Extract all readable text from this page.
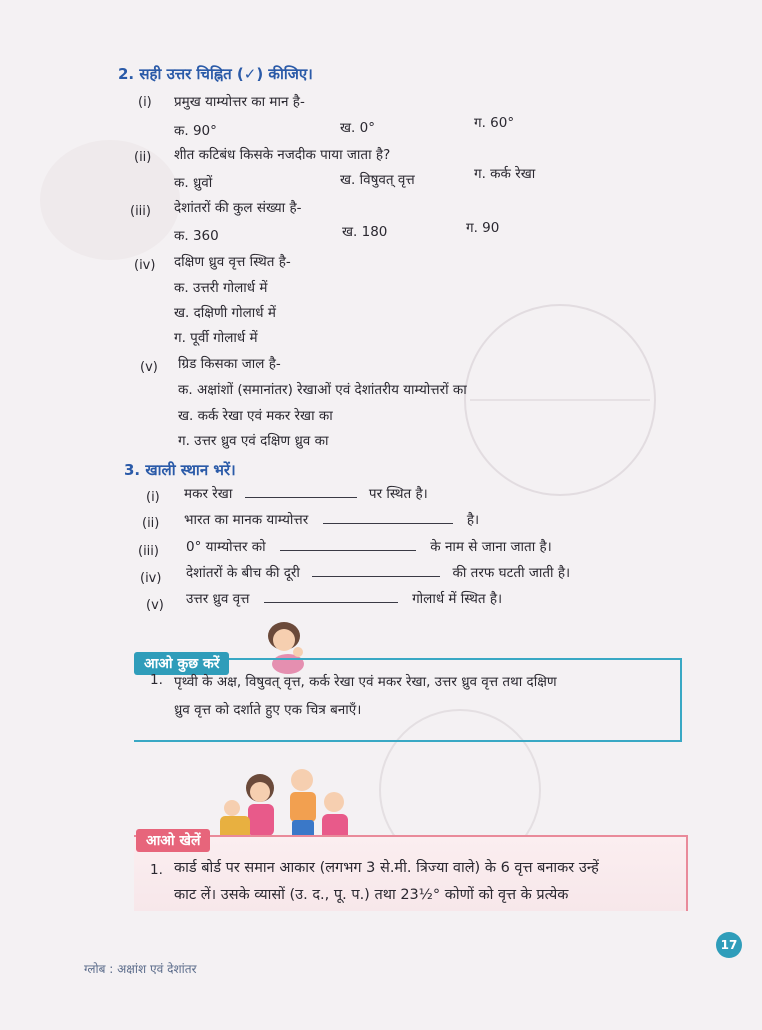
2. सही उत्तर चिह्नित (✓) कीजिए।
(i) प्रमुख याम्योत्तर का मान है-
क. 90°	ख. 0°	ग. 60°
(ii) शीत कटिबंध किसके नजदीक पाया जाता है?
क. ध्रुवों	ख. विषुवत् वृत्त	ग. कर्क रेखा
(iii) देशांतरों की कुल संख्या है-
क. 360	ख. 180	ग. 90
(iv) दक्षिण ध्रुव वृत्त स्थित है-
क. उत्तरी गोलार्ध में
ख. दक्षिणी गोलार्ध में
ग. पूर्वी गोलार्ध में
(v) ग्रिड किसका जाल है-
क. अक्षांशों (समानांतर) रेखाओं एवं देशांतरीय याम्योत्तरों का
ख. कर्क रेखा एवं मकर रेखा का
ग. उत्तर ध्रुव एवं दक्षिण ध्रुव का
3. खाली स्थान भरें।
(i) मकर रेखा	पर स्थित है।
(ii) भारत का मानक याम्योत्तर	है।
(iii) 0° याम्योत्तर को	के नाम से जाना जाता है।
(iv) देशांतरों के बीच की दूरी	की तरफ घटती जाती है।
(v) उत्तर ध्रुव वृत्त	गोलार्ध में स्थित है।
आओ कुछ करें
1. पृथ्वी के अक्ष, विषुवत् वृत्त, कर्क रेखा एवं मकर रेखा, उत्तर ध्रुव वृत्त तथा दक्षिण
ध्रुव वृत्त को दर्शाते हुए एक चित्र बनाएँ।
आओ खेलें
1. कार्ड बोर्ड पर समान आकार (लगभग 3 से.मी. त्रिज्या वाले) के 6 वृत्त बनाकर उन्हें
काट लें। उसके व्यासों (उ. द., पू. प.) तथा 23½° कोणों को वृत्त के प्रत्येक
ग्लोब : अक्षांश एवं देशांतर
17
